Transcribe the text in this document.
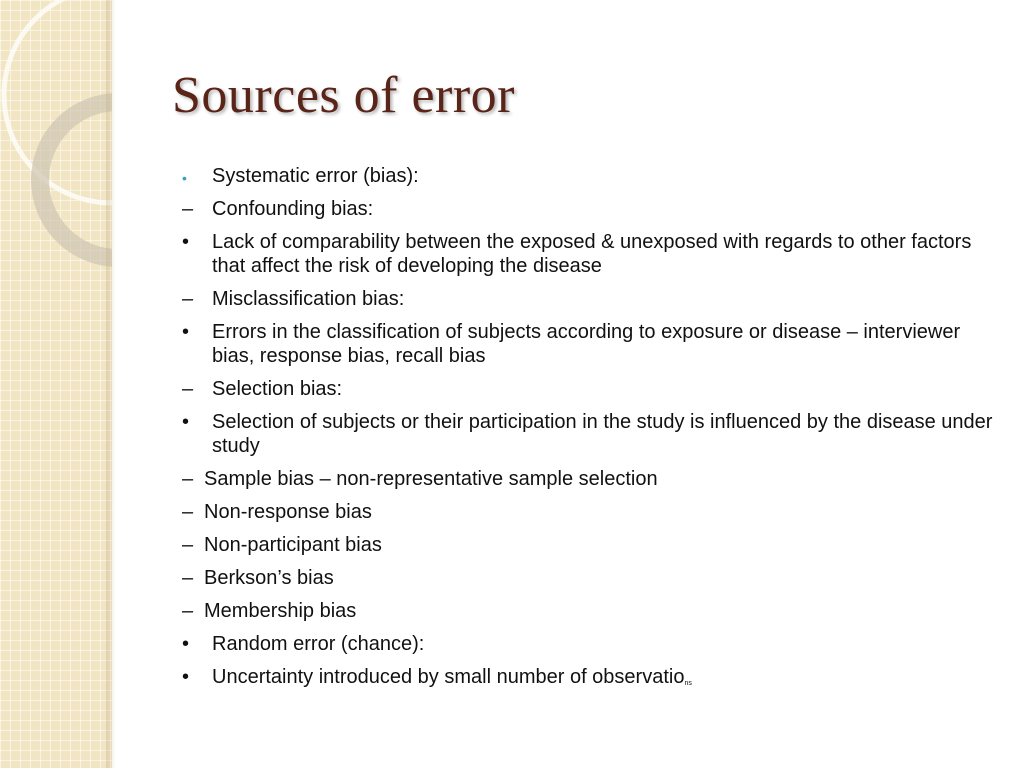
Sources of error
• Systematic error (bias):
– Confounding bias:
• Lack of comparability between the exposed & unexposed with regards to other factors that affect the risk of developing the disease
– Misclassification bias:
• Errors in the classification of subjects according to exposure or disease – interviewer bias, response bias, recall bias
– Selection bias:
• Selection of subjects or their participation in the study is influenced by the disease under study
– Sample bias – non-representative sample selection
– Non-response bias
– Non-participant bias
– Berkson’s bias
– Membership bias
• Random error (chance):
• Uncertainty introduced by small number of observations
